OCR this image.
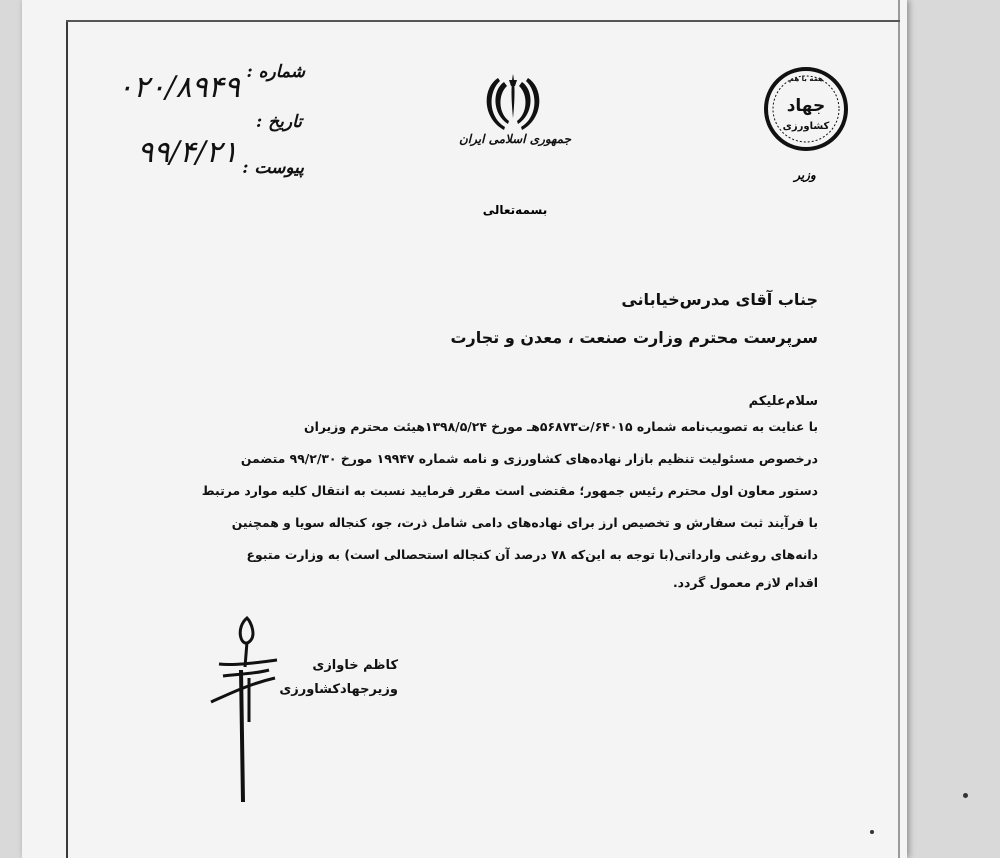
جمهوری اسلامی ایران
همه با هم
جهاد
کشاورزی
وزیر
بسمه‌تعالی
شماره :
۰۲۰/۸۹۴۹
تاریخ :
۹۹/۴/۲۱ پیوست :
جناب آقای مدرس‌خیابانی
سرپرست محترم وزارت صنعت ، معدن و تجارت
سلام‌علیکم
با عنایت به تصویب‌نامه شماره ۶۴۰۱۵/ت۵۶۸۷۳هـ مورخ ۱۳۹۸/۵/۲۴هیئت محترم وزیران
درخصوص مسئولیت تنظیم بازار نهاده‌های کشاورزی و نامه شماره ۱۹۹۴۷ مورخ ۹۹/۲/۳۰ متضمن
دستور معاون اول محترم رئیس جمهور؛ مقتضی است مقرر فرمایید نسبت به انتقال کلیه موارد مرتبط
با فرآیند ثبت سفارش و تخصیص ارز برای نهاده‌های دامی شامل ذرت، جو، کنجاله سویا و همچنین
دانه‌های روغنی وارداتی(با توجه به این‌که ۷۸ درصد آن کنجاله استحصالی است) به وزارت متبوع
اقدام لازم معمول گردد.
کاظم خاوازی
وزیرجهادکشاورزی
